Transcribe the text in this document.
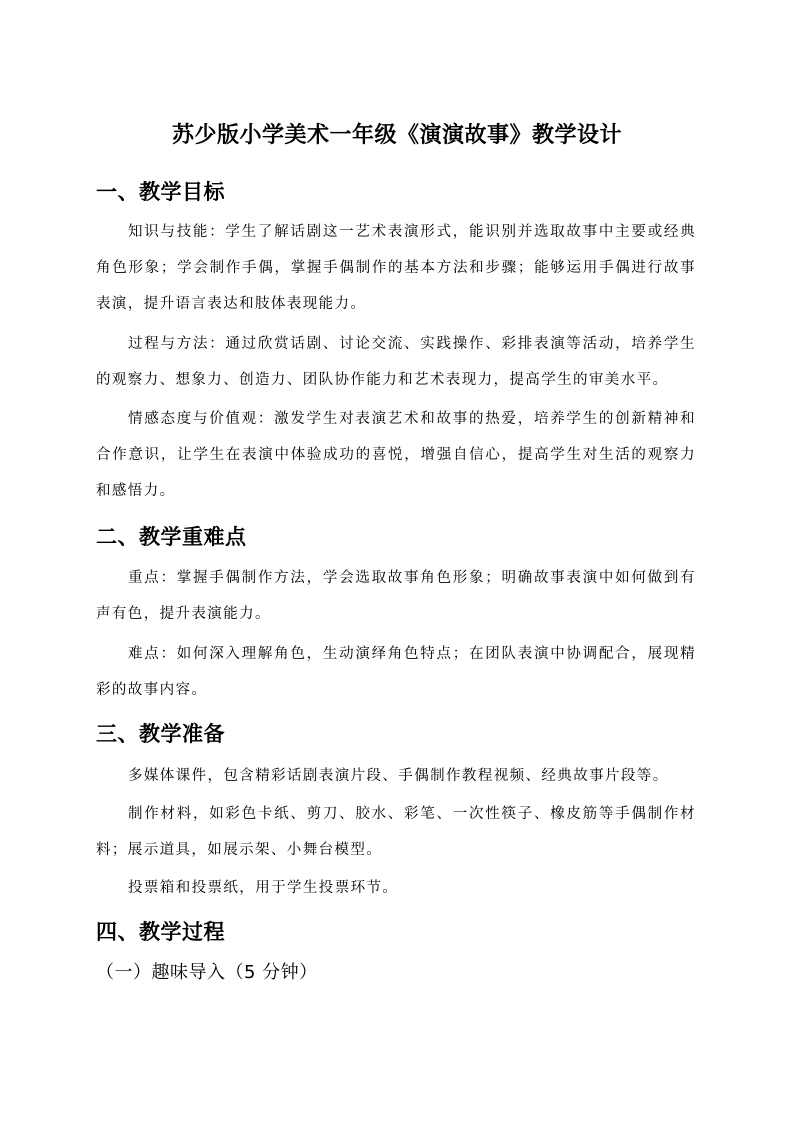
苏少版小学美术一年级《演演故事》教学设计
一、教学目标
知识与技能：学生了解话剧这一艺术表演形式，能识别并选取故事中主要或经典角色形象；学会制作手偶，掌握手偶制作的基本方法和步骤；能够运用手偶进行故事表演，提升语言表达和肢体表现能力。
过程与方法：通过欣赏话剧、讨论交流、实践操作、彩排表演等活动，培养学生的观察力、想象力、创造力、团队协作能力和艺术表现力，提高学生的审美水平。
情感态度与价值观：激发学生对表演艺术和故事的热爱，培养学生的创新精神和合作意识，让学生在表演中体验成功的喜悦，增强自信心，提高学生对生活的观察力和感悟力。
二、教学重难点
重点：掌握手偶制作方法，学会选取故事角色形象；明确故事表演中如何做到有声有色，提升表演能力。
难点：如何深入理解角色，生动演绎角色特点；在团队表演中协调配合，展现精彩的故事内容。
三、教学准备
多媒体课件，包含精彩话剧表演片段、手偶制作教程视频、经典故事片段等。
制作材料，如彩色卡纸、剪刀、胶水、彩笔、一次性筷子、橡皮筋等手偶制作材料；展示道具，如展示架、小舞台模型。
投票箱和投票纸，用于学生投票环节。
四、教学过程
（一）趣味导入（5 分钟）
